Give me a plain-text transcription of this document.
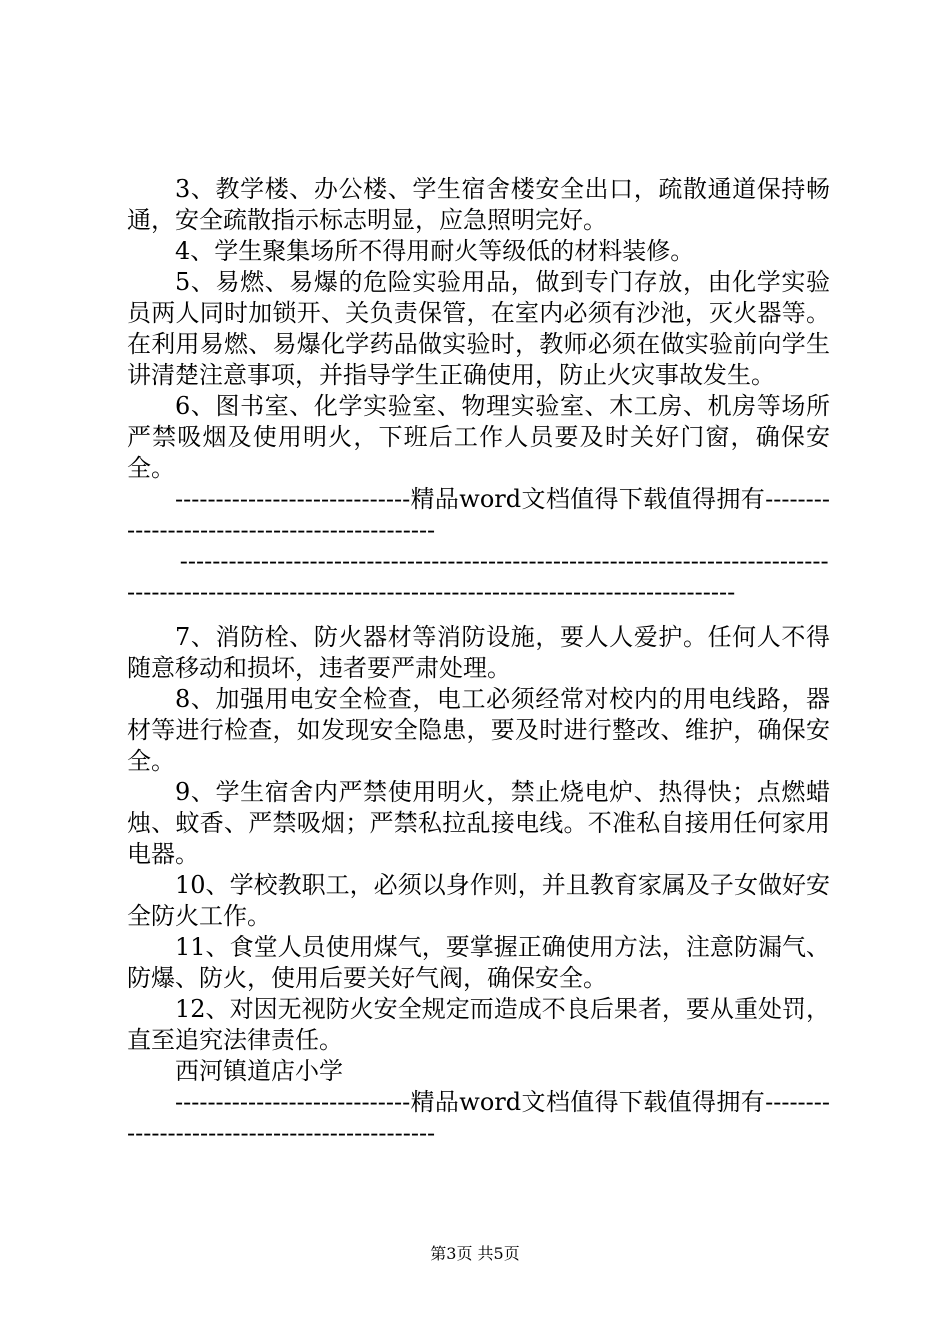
3、教学楼、办公楼、学生宿舍楼安全出口，疏散通道保持畅通，安全疏散指示标志明显，应急照明完好。

4、学生聚集场所不得用耐火等级低的材料装修。

5、易燃、易爆的危险实验用品，做到专门存放，由化学实验员两人同时加锁开、关负责保管，在室内必须有沙池，灭火器等。在利用易燃、易爆化学药品做实验时，教师必须在做实验前向学生讲清楚注意事项，并指导学生正确使用，防止火灾事故发生。

6、图书室、化学实验室、物理实验室、木工房、机房等场所严禁吸烟及使用明火，下班后工作人员要及时关好门窗，确保安全。

-----------------------------精品word文档值得下载值得拥有----------------------------------------------

-----------------------------------------------------------------------------------------------------------------------------------------------------------

7、消防栓、防火器材等消防设施，要人人爱护。任何人不得随意移动和损坏，违者要严肃处理。

8、加强用电安全检查，电工必须经常对校内的用电线路，器材等进行检查，如发现安全隐患，要及时进行整改、维护，确保安全。

9、学生宿舍内严禁使用明火，禁止烧电炉、热得快；点燃蜡烛、蚊香、严禁吸烟；严禁私拉乱接电线。不准私自接用任何家用电器。

10、学校教职工，必须以身作则，并且教育家属及子女做好安全防火工作。

11、食堂人员使用煤气，要掌握正确使用方法，注意防漏气、防爆、防火，使用后要关好气阀，确保安全。

12、对因无视防火安全规定而造成不良后果者，要从重处罚，直至追究法律责任。

西河镇道店小学

-----------------------------精品word文档值得下载值得拥有----------------------------------------------

第3页 共5页
